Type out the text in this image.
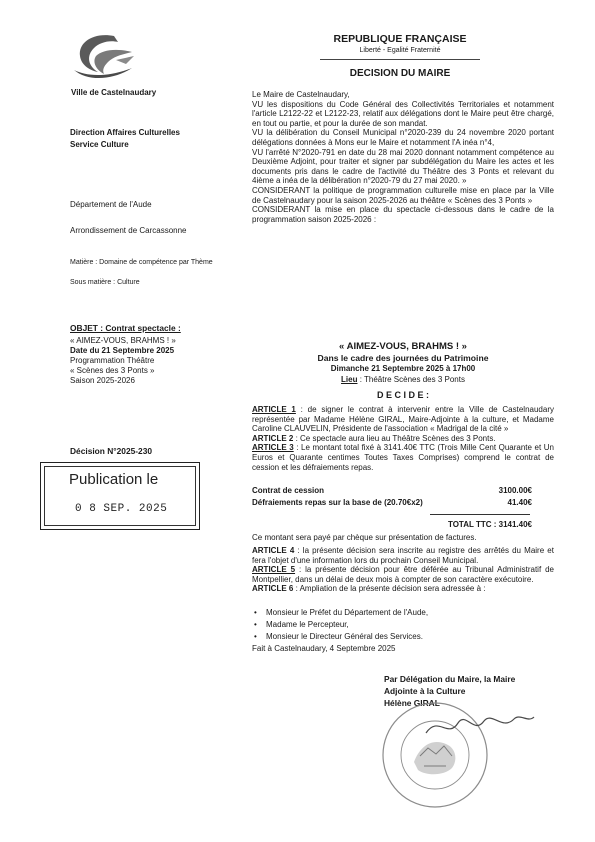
Ville de Castelnaudary
Direction Affaires Culturelles
Service Culture
Département de l'Aude
Arrondissement de Carcassonne
Matière : Domaine de compétence par Thème
Sous matière : Culture
OBJET : Contrat spectacle :
« AIMEZ-VOUS, BRAHMS ! »
Date du 21 Septembre 2025
Programmation Théâtre
« Scènes des 3 Ponts »
Saison 2025-2026
Décision N°2025-230
Publication le
0 8 SEP. 2025
REPUBLIQUE FRANÇAISE
Liberté - Egalité Fraternité
DECISION DU MAIRE

Le Maire de Castelnaudary,

VU les dispositions du Code Général des Collectivités Territoriales et notamment l'article L2122-22 et L2122-23, relatif aux délégations dont le Maire peut être chargé, en tout ou partie, et pour la durée de son mandat.

VU la délibération du Conseil Municipal n°2020-239 du 24 novembre 2020 portant délégations données à Mons eur le Maire et notamment l'A inéa n°4,

VU l'arrêté N°2020-791 en date du 28 mai 2020 donnant notamment compétence au Deuxième Adjoint, pour traiter et signer par subdélégation du Maire les actes et les documents pris dans le cadre de l'activité du Théâtre des 3 Ponts et relevant du 4ième a inéa de la délibération n°2020-79 du 27 mai 2020. »

CONSIDERANT la politique de programmation culturelle mise en place par la Ville de Castelnaudary pour la saison 2025-2026 au théâtre « Scènes des 3 Ponts »

CONSIDERANT la mise en place du spectacle ci-dessous dans le cadre de la programmation saison 2025-2026 :

« AIMEZ-VOUS, BRAHMS ! »
Dans le cadre des journées du Patrimoine
Dimanche 21 Septembre 2025 à 17h00
Lieu : Théâtre Scènes des 3 Ponts
D E C I D E :

ARTICLE 1 : de signer le contrat à intervenir entre la Ville de Castelnaudary représentée par Madame Hélène GIRAL, Maire-Adjointe à la culture, et Madame Caroline CLAUVELIN, Présidente de l'association « Madrigal de la cité »

ARTICLE 2 : Ce spectacle aura lieu au Théâtre Scènes des 3 Ponts.

ARTICLE 3 : Le montant total fixé à 3141.40€ TTC (Trois Mille Cent Quarante et Un Euros et Quarante centimes Toutes Taxes Comprises) comprend le contrat de cession et les défraiements repas.

Contrat de cession	3100.00€
Défraiements repas sur la base de (20.70€x2)	41.40€
TOTAL TTC : 3141.40€
Ce montant sera payé par chèque sur présentation de factures.

ARTICLE 4 : la présente décision sera inscrite au registre des arrêtés du Maire et fera l'objet d'une information lors du prochain Conseil Municipal.

ARTICLE 5 : la présente décision pour être déférée au Tribunal Administratif de Montpellier, dans un délai de deux mois à compter de son caractère exécutoire.

ARTICLE 6 : Ampliation de la présente décision sera adressée à :

• Monsieur le Préfet du Département de l'Aude,
• Madame le Percepteur,
• Monsieur le Directeur Général des Services.
Fait à Castelnaudary, 4 Septembre 2025
Par Délégation du Maire, la Maire
Adjointe à la Culture
Hélène GIRAL
